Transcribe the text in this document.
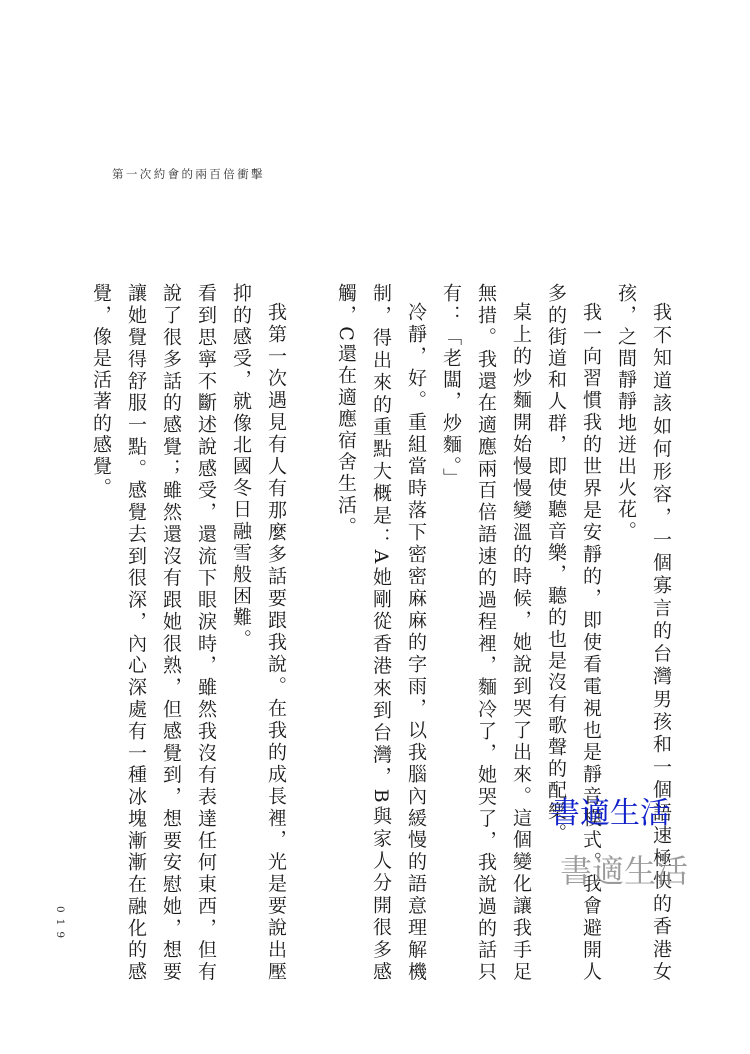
第一次約會的兩百倍衝擊

我不知道該如何形容，一個寡言的台灣男孩和一個語速極快的香港女孩，之間靜靜地迸出火花。

我一向習慣我的世界是安靜的，即使看電視也是靜音模式。我會避開人多的街道和人群，即使聽音樂，聽的也是沒有歌聲的配樂。

桌上的炒麵開始慢慢變溫的時候，她說到哭了出來。這個變化讓我手足無措。我還在適應兩百倍語速的過程裡，麵冷了，她哭了，我說過的話只有：「老闆，炒麵。」

冷靜，好。重組當時落下密密麻麻的字雨，以我腦內緩慢的語意理解機制，得出來的重點大概是：A她剛從香港來到台灣，B與家人分開很多感觸，C還在適應宿舍生活。

我第一次遇見有人有那麼多話要跟我說。在我的成長裡，光是要說出壓抑的感受，就像北國冬日融雪般困難。

看到思寧不斷述說感受，還流下眼淚時，雖然我沒有表達任何東西，但有說了很多話的感覺；雖然還沒有跟她很熟，但感覺到，想要安慰她，想要讓她覺得舒服一點。感覺去到很深，內心深處有一種冰塊漸漸在融化的感覺，像是活著的感覺。

書適生活
書適生活
019
